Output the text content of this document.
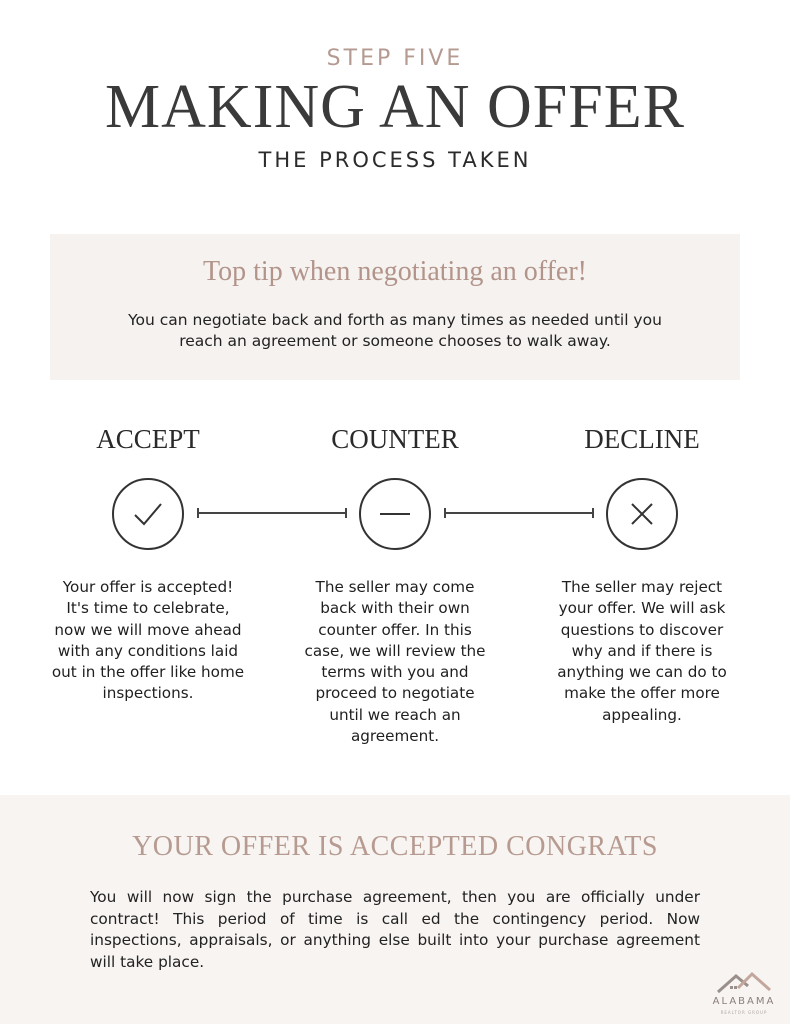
STEP FIVE
MAKING AN OFFER
THE PROCESS TAKEN
Top tip when negotiating an offer!
You can negotiate back and forth as many times as needed until you reach an agreement or someone chooses to walk away.
ACCEPT	COUNTER	DECLINE
Your offer is accepted! It's time to celebrate, now we will move ahead with any conditions laid out in the offer like home inspections.
The seller may come back with their own counter offer. In this case, we will review the terms with you and proceed to negotiate until we reach an agreement.
The seller may reject your offer. We will ask questions to discover why and if there is anything we can do to make the offer more appealing.
YOUR OFFER IS ACCEPTED CONGRATS
You will now sign the purchase agreement, then you are officially under contract! This period of time is call ed the contingency period. Now inspections, appraisals, or anything else built into your purchase agreement will take place.
ALABAMA
REALTOR GROUP
